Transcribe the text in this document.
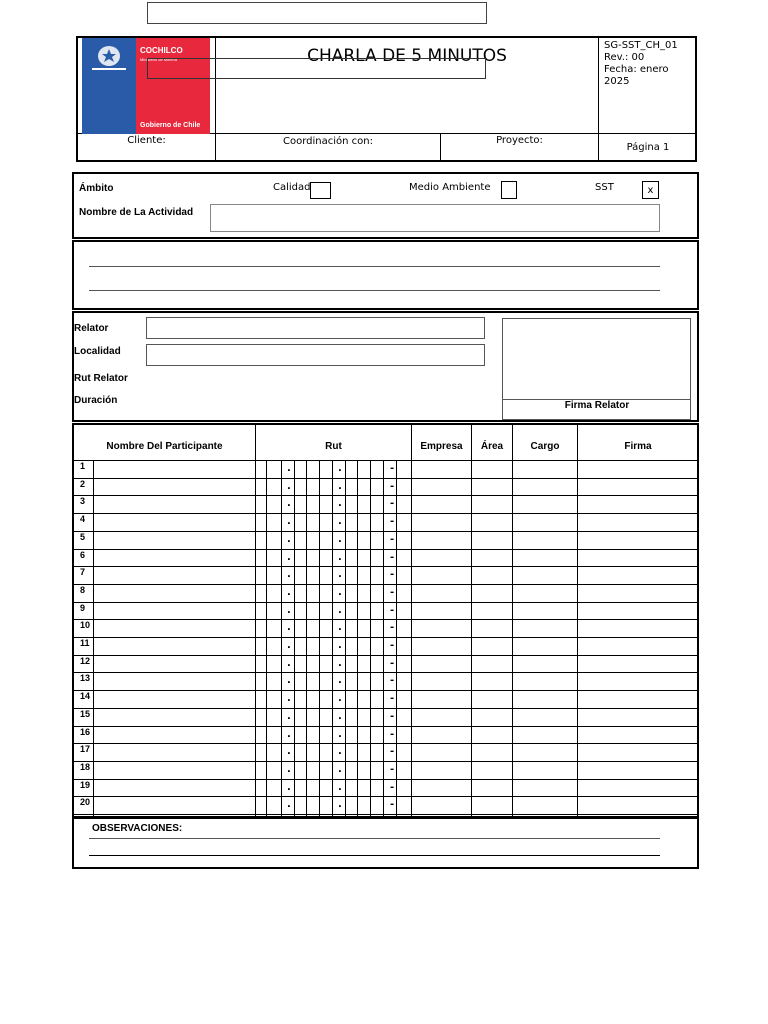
COCHILCO
Ministerio de Minería
Gobierno de Chile
CHARLA DE 5 MINUTOS
SG-SST_CH_01
Rev.: 00
Fecha: enero
2025
Cliente:	Coordinación con:	Proyecto:
Página 1
Ámbito	Calidad	Medio Ambiente	SST	x
Nombre de La Actividad
Relator
Localidad
Rut Relator
Duración	Firma Relator
Nombre Del Participante	Rut	Empresa	Área	Cargo	Firma
1	.	.	-
2	.	.	-
3	.	.	-
4	.	.	-
5	.	.	-
6	.	.	-
7	.	.	-
8	.	.	-
9	.	.	-
10	.	.	-
11	.	.	-
12	.	.	-
13	.	.	-
14	.	.	-
15	.	.	-
16	.	.	-
17	.	.	-
18	.	.	-
19	.	.	-
20	.	.	-
OBSERVACIONES:
